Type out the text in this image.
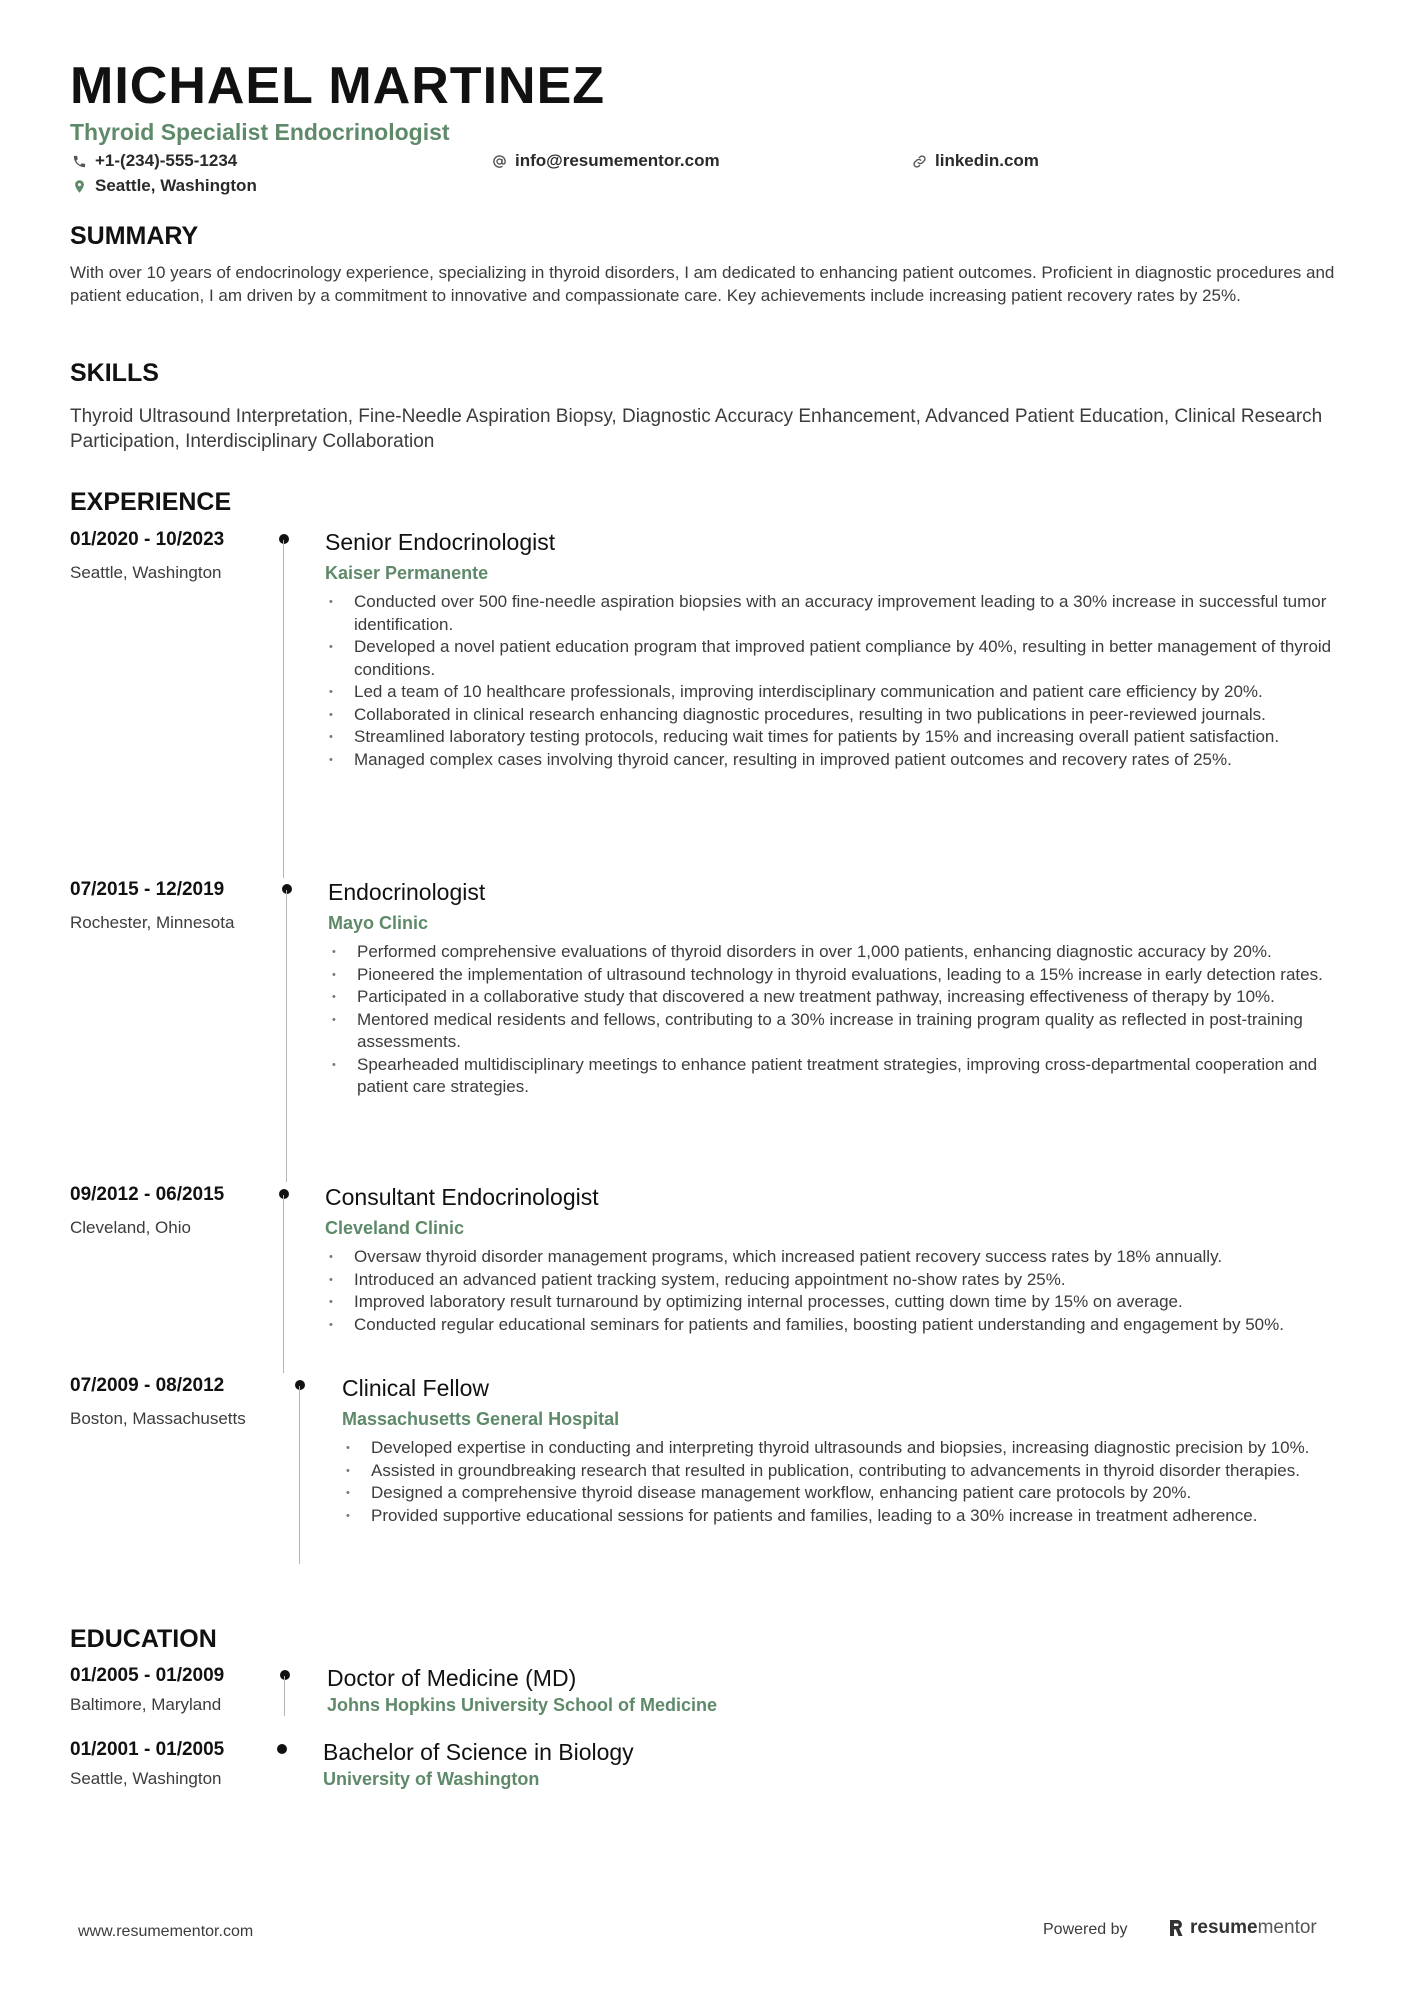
MICHAEL MARTINEZ
Thyroid Specialist Endocrinologist
+1-(234)-555-1234	info@resumementor.com	linkedin.com
Seattle, Washington
SUMMARY
With over 10 years of endocrinology experience, specializing in thyroid disorders, I am dedicated to enhancing patient outcomes. Proficient in diagnostic procedures and patient education, I am driven by a commitment to innovative and compassionate care. Key achievements include increasing patient recovery rates by 25%.
SKILLS
Thyroid Ultrasound Interpretation, Fine-Needle Aspiration Biopsy, Diagnostic Accuracy Enhancement, Advanced Patient Education, Clinical Research Participation, Interdisciplinary Collaboration
EXPERIENCE
01/2020 - 10/2023
Seattle, Washington
Senior Endocrinologist
Kaiser Permanente
• Conducted over 500 fine-needle aspiration biopsies with an accuracy improvement leading to a 30% increase in successful tumor identification.
• Developed a novel patient education program that improved patient compliance by 40%, resulting in better management of thyroid conditions.
• Led a team of 10 healthcare professionals, improving interdisciplinary communication and patient care efficiency by 20%.
• Collaborated in clinical research enhancing diagnostic procedures, resulting in two publications in peer-reviewed journals.
• Streamlined laboratory testing protocols, reducing wait times for patients by 15% and increasing overall patient satisfaction.
• Managed complex cases involving thyroid cancer, resulting in improved patient outcomes and recovery rates of 25%.
07/2015 - 12/2019
Rochester, Minnesota
Endocrinologist
Mayo Clinic
• Performed comprehensive evaluations of thyroid disorders in over 1,000 patients, enhancing diagnostic accuracy by 20%.
• Pioneered the implementation of ultrasound technology in thyroid evaluations, leading to a 15% increase in early detection rates.
• Participated in a collaborative study that discovered a new treatment pathway, increasing effectiveness of therapy by 10%.
• Mentored medical residents and fellows, contributing to a 30% increase in training program quality as reflected in post-training assessments.
• Spearheaded multidisciplinary meetings to enhance patient treatment strategies, improving cross-departmental cooperation and patient care strategies.
09/2012 - 06/2015
Cleveland, Ohio
Consultant Endocrinologist
Cleveland Clinic
• Oversaw thyroid disorder management programs, which increased patient recovery success rates by 18% annually.
• Introduced an advanced patient tracking system, reducing appointment no-show rates by 25%.
• Improved laboratory result turnaround by optimizing internal processes, cutting down time by 15% on average.
• Conducted regular educational seminars for patients and families, boosting patient understanding and engagement by 50%.
07/2009 - 08/2012
Boston, Massachusetts
Clinical Fellow
Massachusetts General Hospital
• Developed expertise in conducting and interpreting thyroid ultrasounds and biopsies, increasing diagnostic precision by 10%.
• Assisted in groundbreaking research that resulted in publication, contributing to advancements in thyroid disorder therapies.
• Designed a comprehensive thyroid disease management workflow, enhancing patient care protocols by 20%.
• Provided supportive educational sessions for patients and families, leading to a 30% increase in treatment adherence.
EDUCATION
01/2005 - 01/2009
Baltimore, Maryland
Doctor of Medicine (MD)
Johns Hopkins University School of Medicine
01/2001 - 01/2005
Seattle, Washington
Bachelor of Science in Biology
University of Washington
www.resumementor.com	Powered by	resume mentor
